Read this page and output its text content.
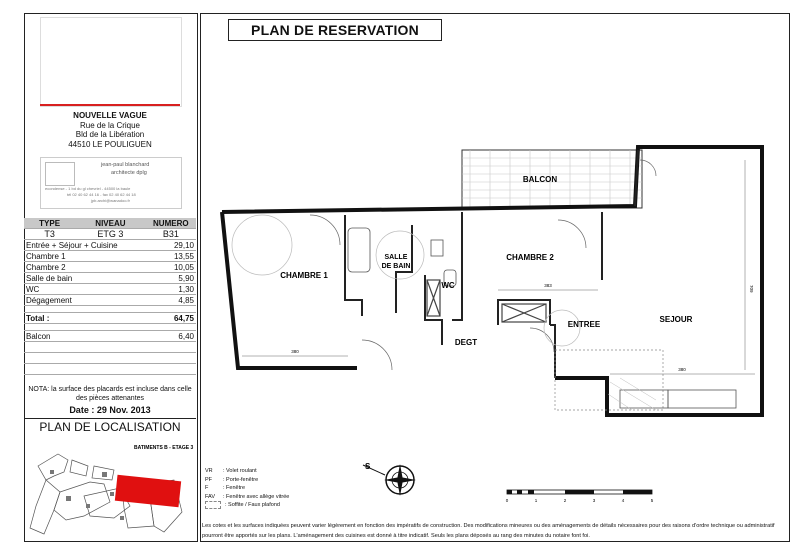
PLAN DE RESERVATION
NOUVELLE VAGUE
Rue de la Crique
Bld de la Libération
44510 LE POULIGUEN
jean-paul blanchard
architecte dplg
econdense - 1 bd du gl chevriel - 44500 la baule
tél 02 40 62 44 16 - fax 02 40 62 44 18
jpb.archi@wanadoo.fr
TYPE	NIVEAU	NUMERO
T3	ETG 3	B31
Entrée + Séjour + Cuisine		29,10
Chambre 1		13,55
Chambre 2		10,05
Salle de bain		5,90
WC		1,30
Dégagement		4,85

Total :		64,75

Balcon		6,40

NOTA: la surface des placards est incluse dans celle des pièces attenantes
Date : 29 Nov. 2013
PLAN DE LOCALISATION
BATIMENTS B - ETAGE 3
BALCON
CHAMBRE 1
SALLE
DE BAIN
WC
CHAMBRE 2
ENTREE
SEJOUR
DEGT
380
383
380
709
S
VR : Volet roulant
PF : Porte-fenêtre
F	: Fenêtre
FAV : Fenêtre avec allège vitrée
: Soffite / Faux plafond
0	1	2	3	4	5
Les cotes et les surfaces indiquées peuvent varier légèrement en fonction des impératifs de construction. Des modifications mineures ou des aménagements de détails nécessaires pour des raisons d'ordre technique ou administratif pourront être apportés sur les plans. L'aménagement des cuisines est donné à titre indicatif. Seuls les plans déposés au rang des minutes du notaire font foi.
